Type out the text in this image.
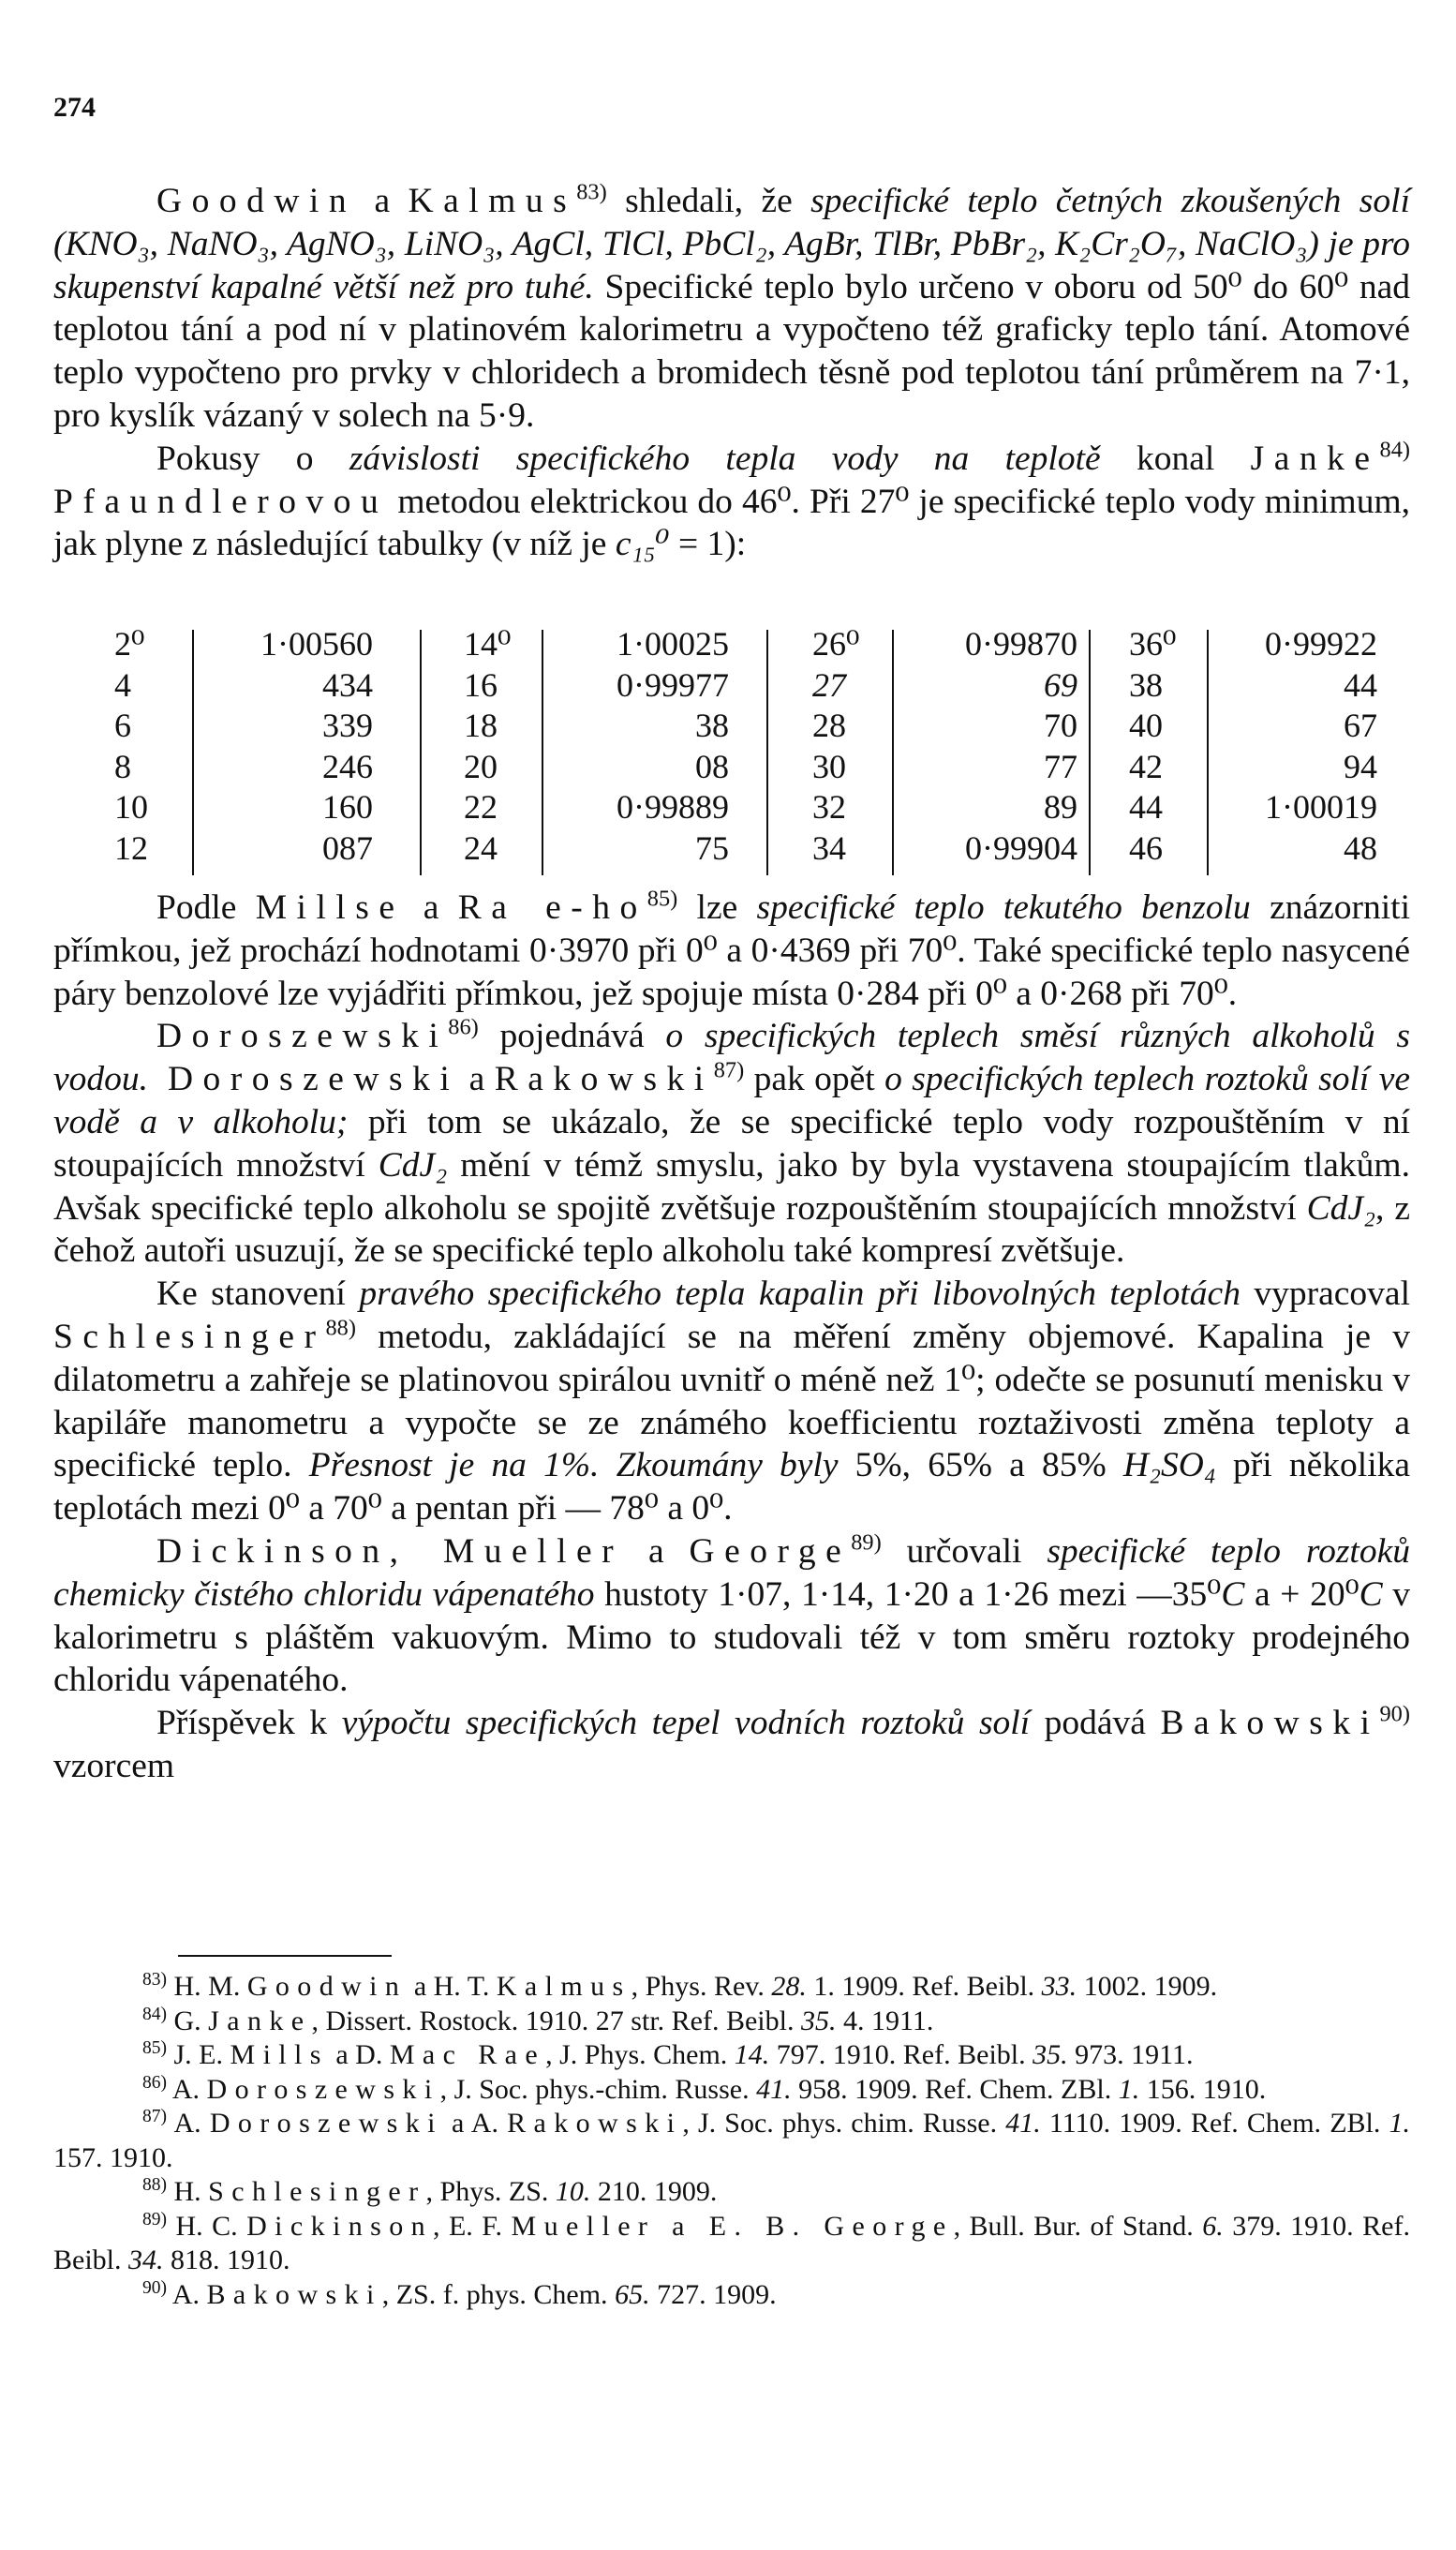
274

Goodwin a Kalmus$^{83)}$ shledali, že specifické teplo četných zkoušených solí (KNO₃, NaNO₃, AgNO₃, LiNO₃, AgCl, TlCl, PbCl₂, AgBr, TlBr, PbBr₂, K₂Cr₂O₇, NaClO₃) je pro skupenství kapalné větší než pro tuhé. Specifické teplo bylo určeno v oboru od 50⁰ do 60⁰ nad teplotou tání a pod ní v platinovém kalorimetru a vypočteno též graficky teplo tání. Atomové teplo vypočteno pro prvky v chloridech a bromidech těsně pod teplotou tání průměrem na 7·1, pro kyslík vázaný v solech na 5·9.

Pokusy o závislosti specifického tepla vody na teplotě konal Janke$^{84)}$ Pfaundlerovou metodou elektrickou do 46⁰. Při 27⁰ je specifické teplo vody minimum, jak plyne z následující tabulky (v níž je c₁₅⁰ = 1):

2⁰
4
6
8
10
12
1·00560
434
339
246
160
087
14⁰
16
18
20
22
24
1·00025
0·99977
38
08
0·99889
75
26⁰
27
28
30
32
34
0·99870
69
70
77
89
0·99904
36⁰
38
40
42
44
46
0·99922
44
67
94
1·00019
48

Podle Millse a Ra $e-ho^{85)}$ lze specifické teplo tekutého benzolu znázorniti přímkou, jež prochází hodnotami 0·3970 při 0⁰ a 0·4369 při 70⁰. Také specifické teplo nasycené páry benzolové lze vyjádřiti přímkou, jež spojuje místa 0·284 při 0⁰ a 0·268 při 70⁰.

Doroszewski$^{86)}$ pojednává o specifických teplech směsí různých alkoholů s vodou. Doroszewski a Rakowski$^{87)}$ pak opět o specifických teplech roztoků solí ve vodě a v alkoholu; při tom se ukázalo, že se specifické teplo vody rozpouštěním v ní stoupajících množství CdJ₂ mění v témž smyslu, jako by byla vystavena stoupajícím tlakům. Avšak specifické teplo alkoholu se spojitě zvětšuje rozpouštěním stoupajících množství CdJ₂, z čehož autoři usuzují, že se specifické teplo alkoholu také kompresí zvětšuje.

Ke stanovení pravého specifického tepla kapalin při libovolných teplotách vypracoval Schlesinger$^{88)}$ metodu, zakládající se na měření změny objemové. Kapalina je v dilatometru a zahřeje se platinovou spirálou uvnitř o méně než 1⁰; odečte se posunutí menisku v kapiláře manometru a vypočte se ze známého koefficientu roztaživosti změna teploty a specifické teplo. Přesnost je na 1%. Zkoumány byly 5%, 65% a 85% H₂SO₄ při několika teplotách mezi 0⁰ a 70⁰ a pentan při — 78⁰ a 0⁰.

Dickinson, Mueller a George$^{89)}$ určovali specifické teplo roztoků chemicky čistého chloridu vápenatého hustoty 1·07, 1·14, 1·20 a 1·26 mezi —35⁰C a + 20⁰C v kalorimetru s pláštěm vakuovým. Mimo to studovali též v tom směru roztoky prodejného chloridu vápenatého.

Příspěvek k výpočtu specifických tepel vodních roztoků solí podává Bakowski$^{90)}$ vzorcem

$^{83)}$ H. M. Goodwin a H. T. Kalmus, Phys. Rev. 28. 1. 1909. Ref. Beibl. 33. 1002. 1909.

$^{84)}$ G. Janke, Dissert. Rostock. 1910. 27 str. Ref. Beibl. 35. 4. 1911.

$^{85)}$ J. E. Mills a D. Mac Rae, J. Phys. Chem. 14. 797. 1910. Ref. Beibl. 35. 973. 1911.

$^{86)}$ A. Doroszewski, J. Soc. phys.-chim. Russe. 41. 958. 1909. Ref. Chem. ZBl. 1. 156. 1910.

$^{87)}$ A. Doroszewski a A. Rakowski, J. Soc. phys. chim. Russe. 41. 1110. 1909. Ref. Chem. ZBl. 1. 157. 1910.

$^{88)}$ H. Schlesinger, Phys. ZS. 10. 210. 1909.

$^{89)}$ H. C. Dickinson, E. F. Mueller a E. B. George, Bull. Bur. of Stand. 6. 379. 1910. Ref. Beibl. 34. 818. 1910.

$^{90)}$ A. Bakowski, ZS. f. phys. Chem. 65. 727. 1909.
